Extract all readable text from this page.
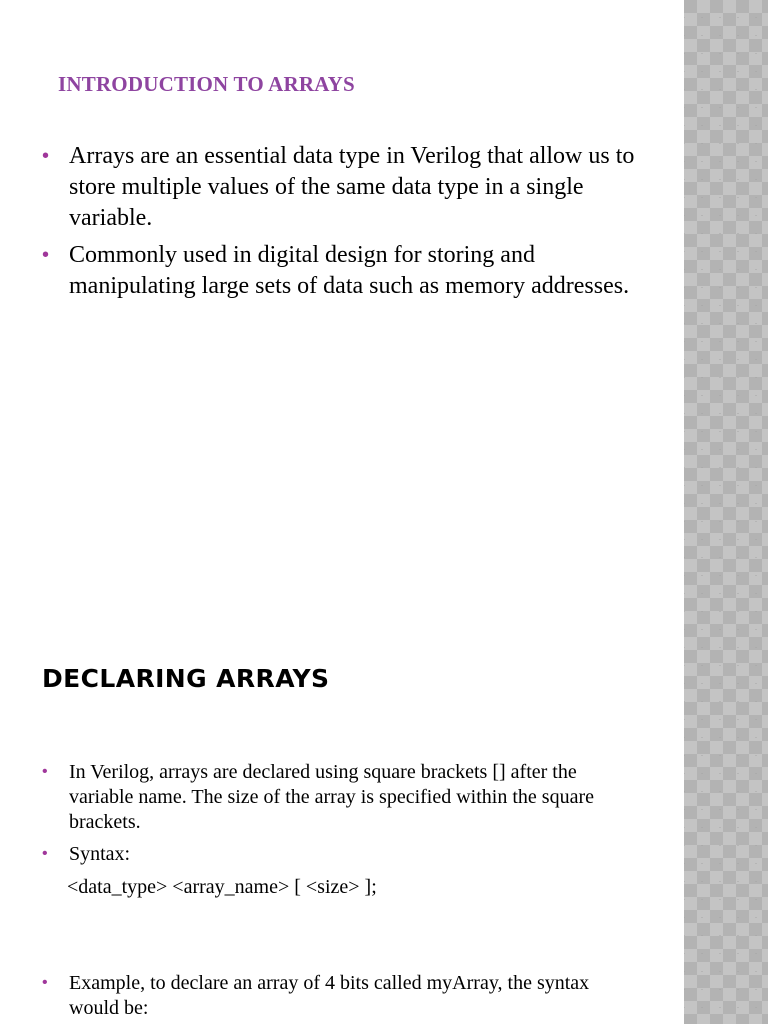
INTRODUCTION TO ARRAYS
• Arrays are an essential data type in Verilog that allow us to store multiple values of the same data type in a single variable.
• Commonly used in digital design for storing and manipulating large sets of data such as memory addresses.
DECLARING ARRAYS
• In Verilog, arrays are declared using square brackets [] after the variable name. The size of the array is specified within the square brackets.
• Syntax:
<data_type> <array_name> [ <size> ];
• Example, to declare an array of 4 bits called myArray, the syntax would be:
